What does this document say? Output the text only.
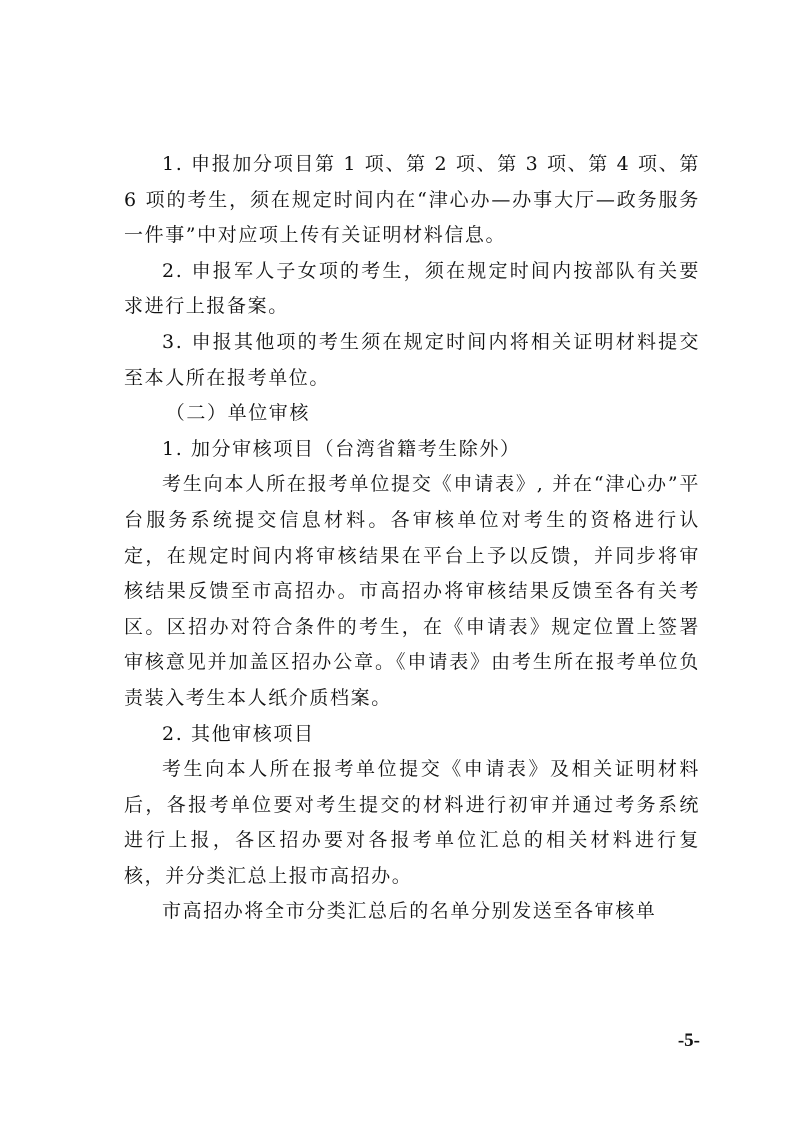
1. 申报加分项目第 1 项、第 2 项、第 3 项、第 4 项、第 6 项的考生，须在规定时间内在“津心办—办事大厅—政务服务一件事”中对应项上传有关证明材料信息。

2. 申报军人子女项的考生，须在规定时间内按部队有关要求进行上报备案。

3. 申报其他项的考生须在规定时间内将相关证明材料提交至本人所在报考单位。

（二）单位审核

1. 加分审核项目（台湾省籍考生除外）

考生向本人所在报考单位提交《申请表》, 并在“津心办”平台服务系统提交信息材料。各审核单位对考生的资格进行认定，在规定时间内将审核结果在平台上予以反馈，并同步将审核结果反馈至市高招办。市高招办将审核结果反馈至各有关考区。区招办对符合条件的考生，在《申请表》规定位置上签署审核意见并加盖区招办公章。《申请表》由考生所在报考单位负责装入考生本人纸介质档案。

2. 其他审核项目

考生向本人所在报考单位提交《申请表》及相关证明材料后，各报考单位要对考生提交的材料进行初审并通过考务系统进行上报，各区招办要对各报考单位汇总的相关材料进行复核，并分类汇总上报市高招办。

市高招办将全市分类汇总后的名单分别发送至各审核单

-5-
